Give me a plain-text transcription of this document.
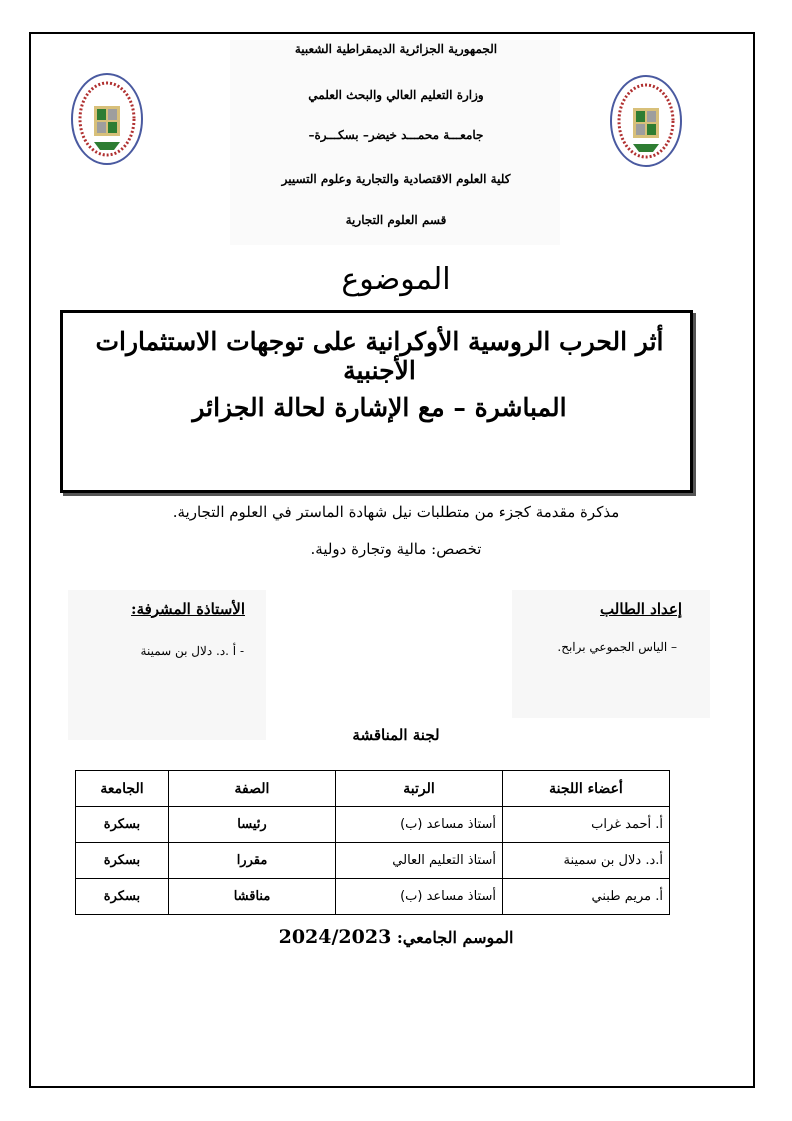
الجمهورية الجزائرية الديمقراطية الشعبية
وزارة التعليم العالي والبحث العلمي
جامعـــة محمـــد خيضر– بسكـــرة–
كلية العلوم الاقتصادية والتجارية وعلوم التسيير
قسم العلوم التجارية
الموضوع
أثر الحرب الروسية الأوكرانية على توجهات الاستثمارات الأجنبية
المباشرة – مع الإشارة لحالة الجزائر
مذكرة مقدمة كجزء من متطلبات نيل شهادة الماستر في العلوم التجارية.
تخصص: مالية وتجارة دولية.
إعداد الطالب
– الياس الجموعي برابح.
الأستاذة المشرفة:
- أ .د. دلال بن سمينة
لجنة المناقشة
أعضاء اللجنة	الرتبة	الصفة	الجامعة
أ. أحمد غراب	أستاذ مساعد (ب)	رئيسا	بسكرة
أ.د. دلال بن سمينة	أستاذ التعليم العالي	مقررا	بسكرة
أ. مريم طبني	أستاذ مساعد (ب)	مناقشا	بسكرة
الموسم الجامعي: 2024/2023
